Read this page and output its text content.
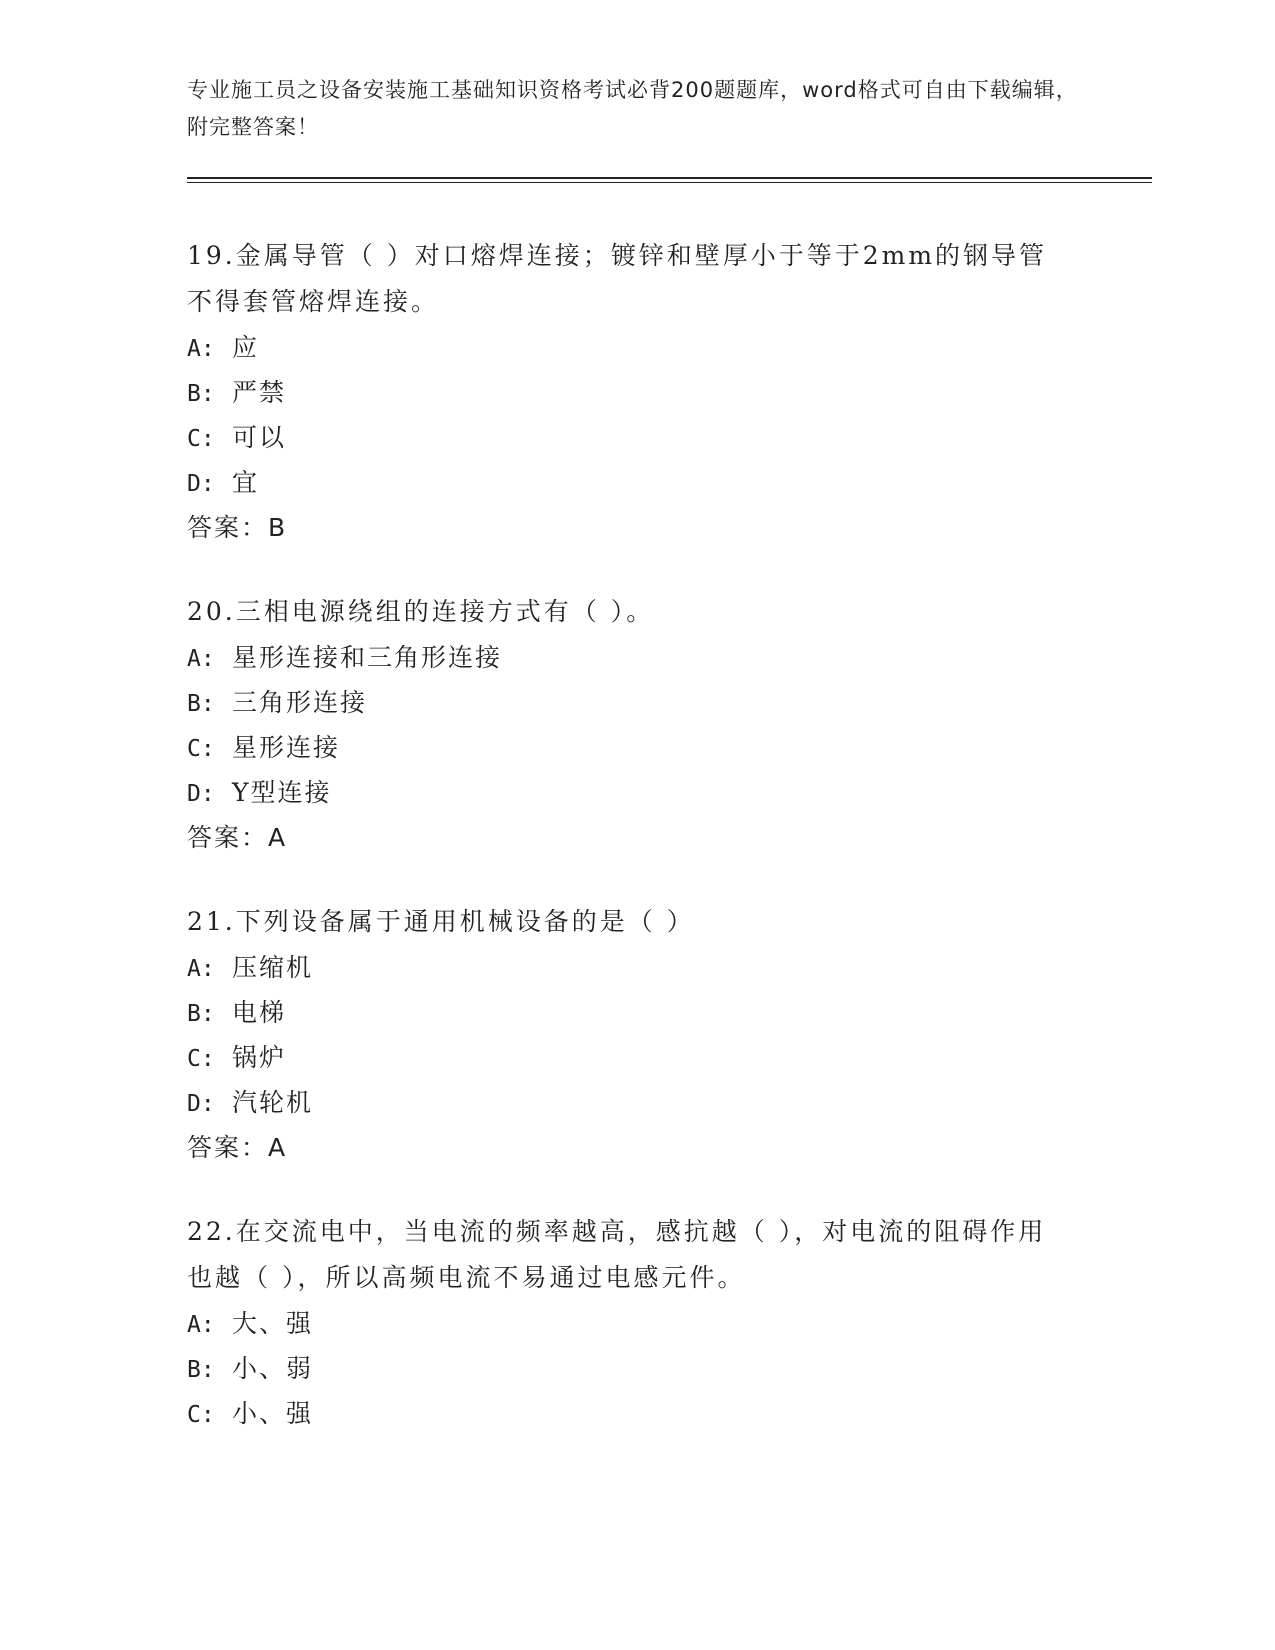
专业施工员之设备安装施工基础知识资格考试必背200题题库，word格式可自由下载编辑，附完整答案！
19.金属导管（ ）对口熔焊连接；镀锌和壁厚小于等于2mm的钢导管不得套管熔焊连接。
A: 应
B: 严禁
C: 可以
D: 宜
答案：B
20.三相电源绕组的连接方式有（ ）。
A: 星形连接和三角形连接
B: 三角形连接
C: 星形连接
D: Y型连接
答案：A
21.下列设备属于通用机械设备的是（ ）
A: 压缩机
B: 电梯
C: 锅炉
D: 汽轮机
答案：A
22.在交流电中，当电流的频率越高，感抗越（ ），对电流的阻碍作用也越（ ），所以高频电流不易通过电感元件。
A: 大、强
B: 小、弱
C: 小、强
